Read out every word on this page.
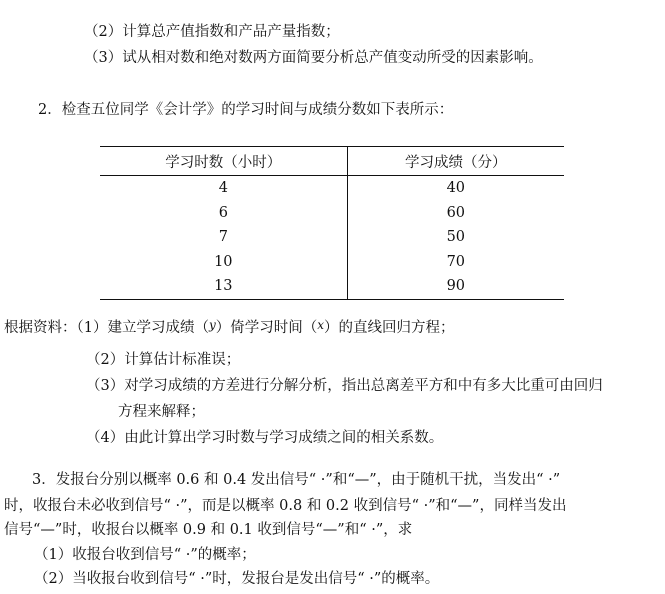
（2）计算总产值指数和产品产量指数；
（3）试从相对数和绝对数两方面简要分析总产值变动所受的因素影响。
2．检查五位同学《会计学》的学习时间与成绩分数如下表所示：
学习时数（小时）	学习成绩（分）
4	40
6	60
7	50
10	70
13	90
根据资料：（1）建立学习成绩（$^y$）倚学习时间（$^x$）的直线回归方程；
（2）计算估计标准误；
（3）对学习成绩的方差进行分解分析，指出总离差平方和中有多大比重可由回归
方程来解释；
（4）由此计算出学习时数与学习成绩之间的相关系数。
3．发报台分别以概率 0.6 和 0.4 发出信号“ ·”和“—”，由于随机干扰，当发出“ ·”
时，收报台未必收到信号“ ·”，而是以概率 0.8 和 0.2 收到信号“ ·”和“—”，同样当发出
信号“—”时，收报台以概率 0.9 和 0.1 收到信号“—”和“ ·”，求
（1）收报台收到信号“ ·”的概率；
（2）当收报台收到信号“ ·”时，发报台是发出信号“ ·”的概率。
